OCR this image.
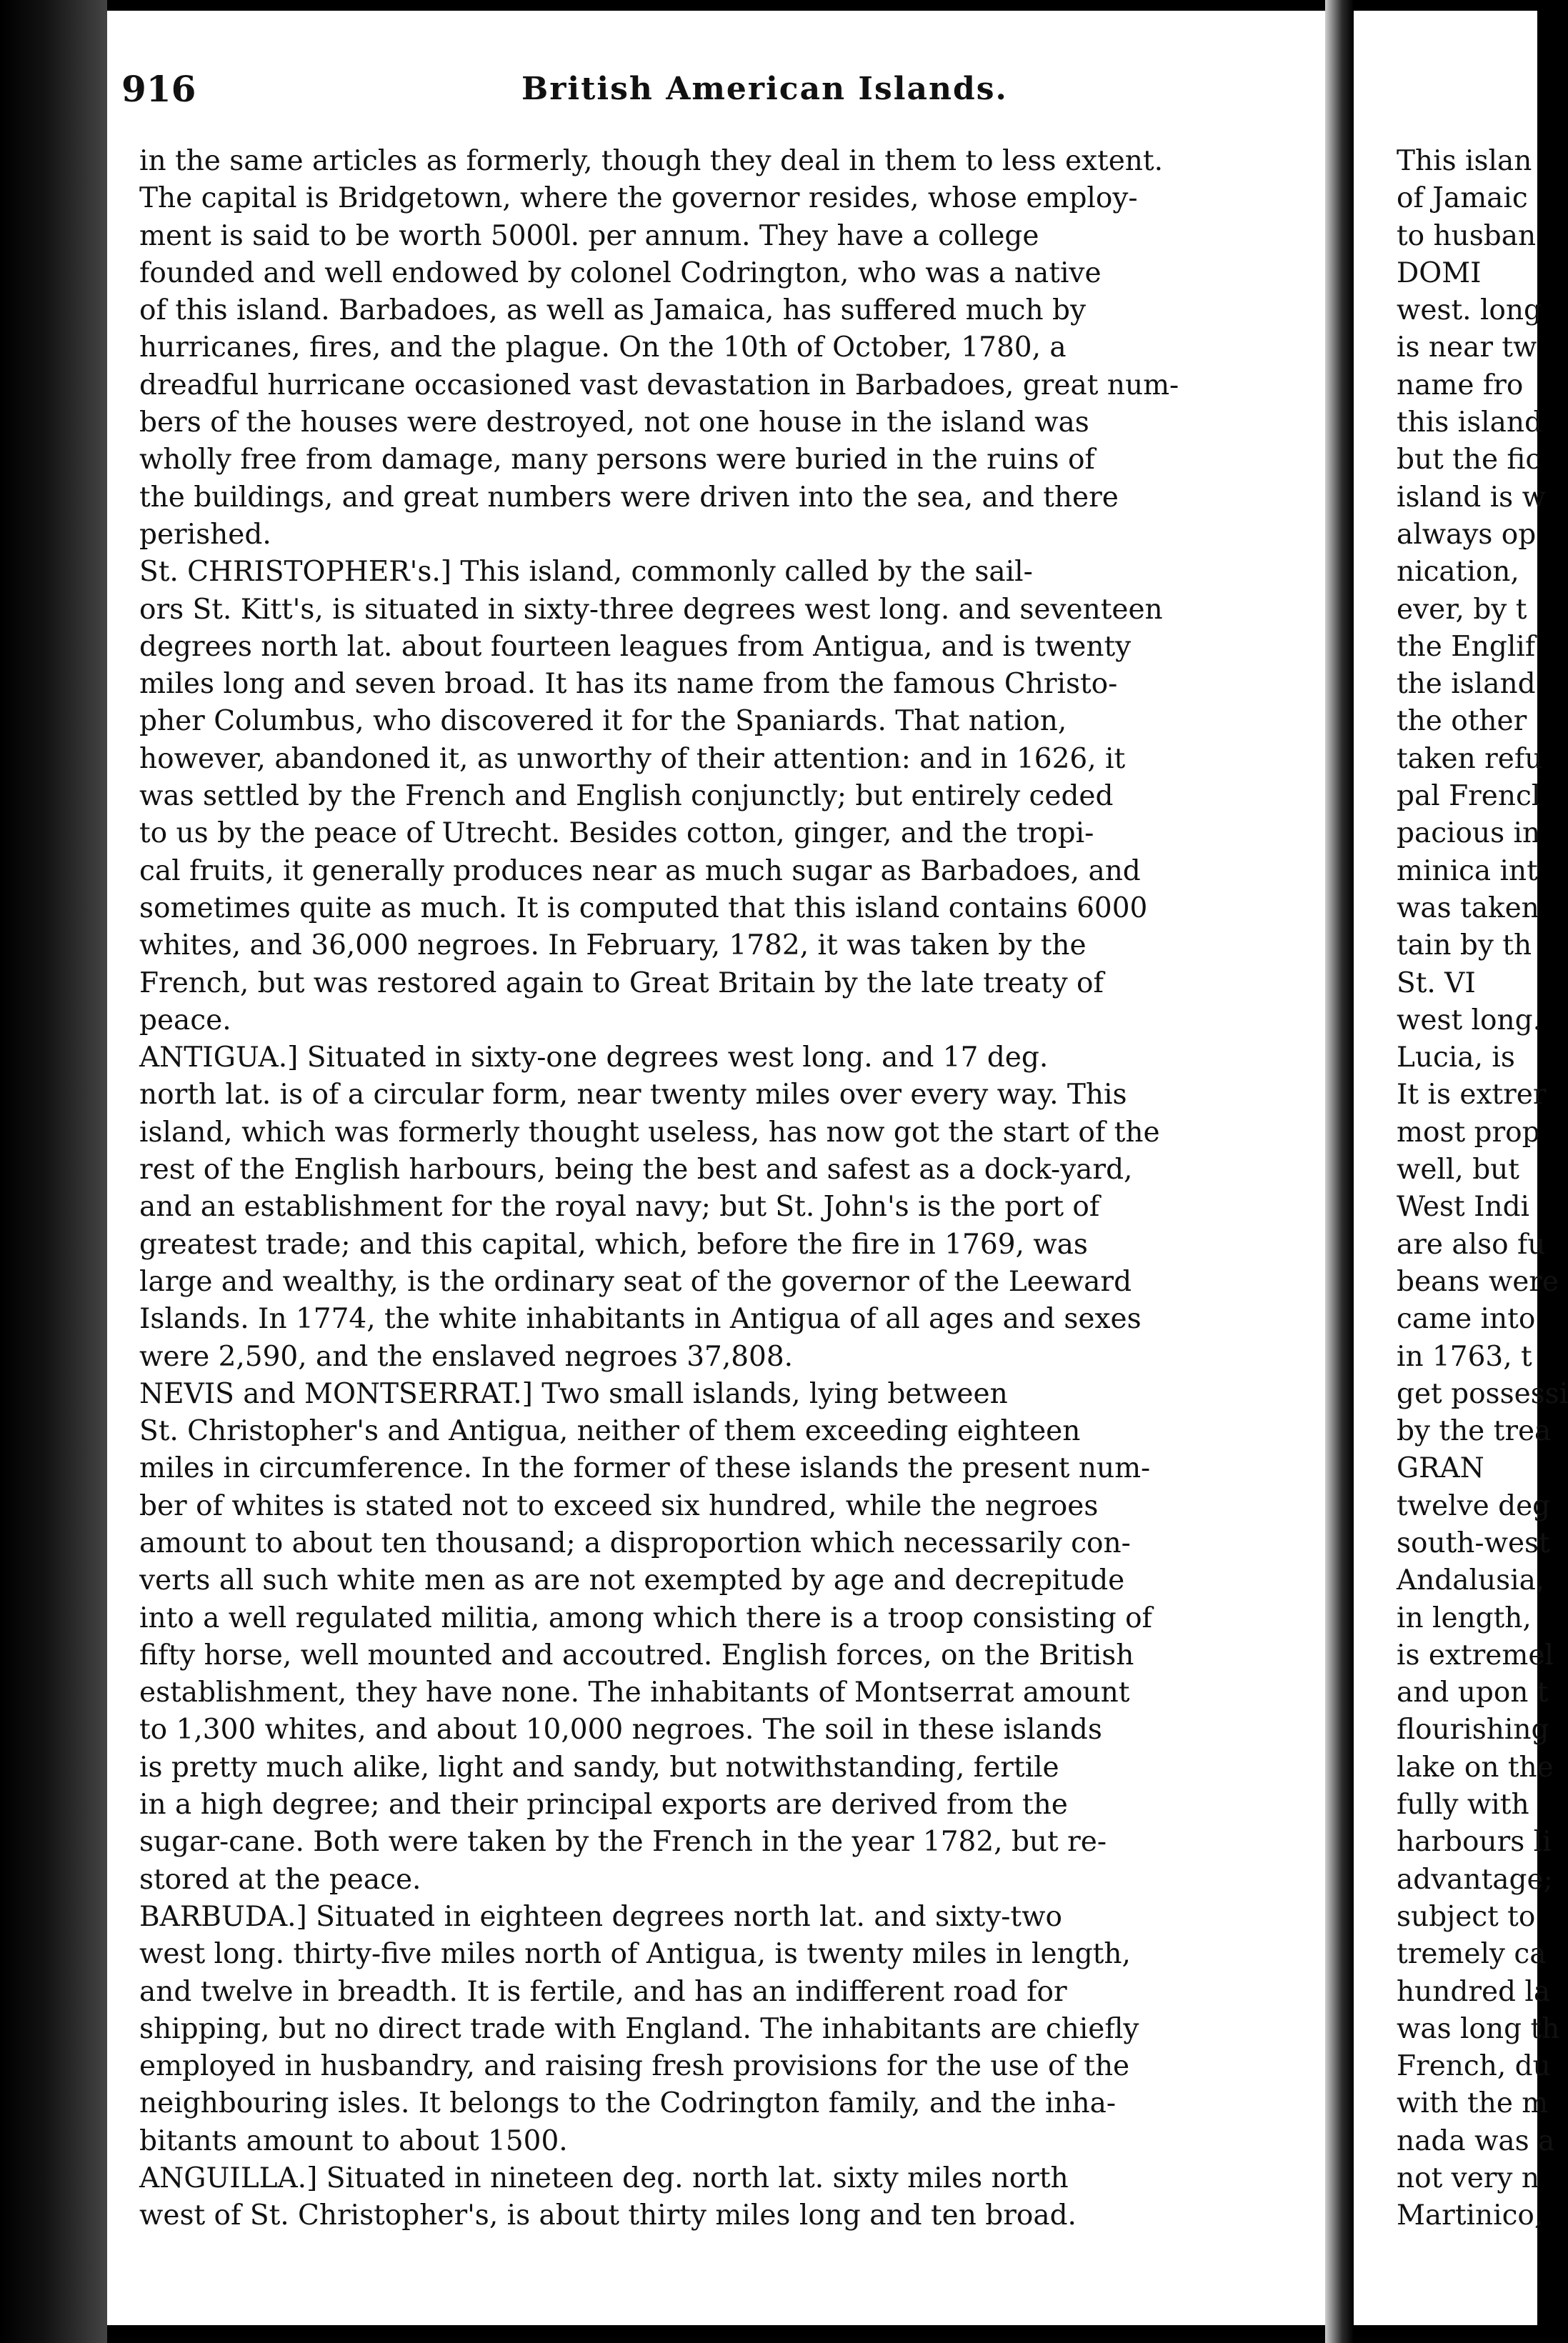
916	British American Islands.
in the same articles as formerly, though they deal in them to less extent.
The capital is Bridgetown, where the governor resides, whose employ-
ment is said to be worth 5000l. per annum. They have a college
founded and well endowed by colonel Codrington, who was a native
of this island. Barbadoes, as well as Jamaica, has suffered much by
hurricanes, fires, and the plague. On the 10th of October, 1780, a
dreadful hurricane occasioned vast devastation in Barbadoes, great num-
bers of the houses were destroyed, not one house in the island was
wholly free from damage, many persons were buried in the ruins of
the buildings, and great numbers were driven into the sea, and there
perished.
St. CHRISTOPHER's.] This island, commonly called by the sail-
ors St. Kitt's, is situated in sixty-three degrees west long. and seventeen
degrees north lat. about fourteen leagues from Antigua, and is twenty
miles long and seven broad. It has its name from the famous Christo-
pher Columbus, who discovered it for the Spaniards. That nation,
however, abandoned it, as unworthy of their attention: and in 1626, it
was settled by the French and English conjunctly; but entirely ceded
to us by the peace of Utrecht. Besides cotton, ginger, and the tropi-
cal fruits, it generally produces near as much sugar as Barbadoes, and
sometimes quite as much. It is computed that this island contains 6000
whites, and 36,000 negroes. In February, 1782, it was taken by the
French, but was restored again to Great Britain by the late treaty of
peace.
ANTIGUA.] Situated in sixty-one degrees west long. and 17 deg.
north lat. is of a circular form, near twenty miles over every way. This
island, which was formerly thought useless, has now got the start of the
rest of the English harbours, being the best and safest as a dock-yard,
and an establishment for the royal navy; but St. John's is the port of
greatest trade; and this capital, which, before the fire in 1769, was
large and wealthy, is the ordinary seat of the governor of the Leeward
Islands. In 1774, the white inhabitants in Antigua of all ages and sexes
were 2,590, and the enslaved negroes 37,808.
NEVIS and MONTSERRAT.] Two small islands, lying between
St. Christopher's and Antigua, neither of them exceeding eighteen
miles in circumference. In the former of these islands the present num-
ber of whites is stated not to exceed six hundred, while the negroes
amount to about ten thousand; a disproportion which necessarily con-
verts all such white men as are not exempted by age and decrepitude
into a well regulated militia, among which there is a troop consisting of
fifty horse, well mounted and accoutred. English forces, on the British
establishment, they have none. The inhabitants of Montserrat amount
to 1,300 whites, and about 10,000 negroes. The soil in these islands
is pretty much alike, light and sandy, but notwithstanding, fertile
in a high degree; and their principal exports are derived from the
sugar-cane. Both were taken by the French in the year 1782, but re-
stored at the peace.
BARBUDA.] Situated in eighteen degrees north lat. and sixty-two
west long. thirty-five miles north of Antigua, is twenty miles in length,
and twelve in breadth. It is fertile, and has an indifferent road for
shipping, but no direct trade with England. The inhabitants are chiefly
employed in husbandry, and raising fresh provisions for the use of the
neighbouring isles. It belongs to the Codrington family, and the inha-
bitants amount to about 1500.
ANGUILLA.] Situated in nineteen deg. north lat. sixty miles north
west of St. Christopher's, is about thirty miles long and ten broad.
This islan
of Jamaic
to husban
DOMI
west. long
is near tw
name fro
this island
but the fic
island is w
always op
nication,
ever, by t
the Englif
the island
the other
taken refu
pal Frencl
pacious in
minica int
was taken
tain by th
St. VI
west long.
Lucia, is
It is extrer
most prop
well, but
West Indi
are also fu
beans were
came into
in 1763, t
get possessi
by the trea
GRAN
twelve deg
south-west
Andalusia,
in length,
is extremel
and upon t
flourishing
lake on the
fully with
harbours li
advantage;
subject to
tremely ca
hundred la
was long th
French, du
with the m
nada was a
not very n
Martinico,
